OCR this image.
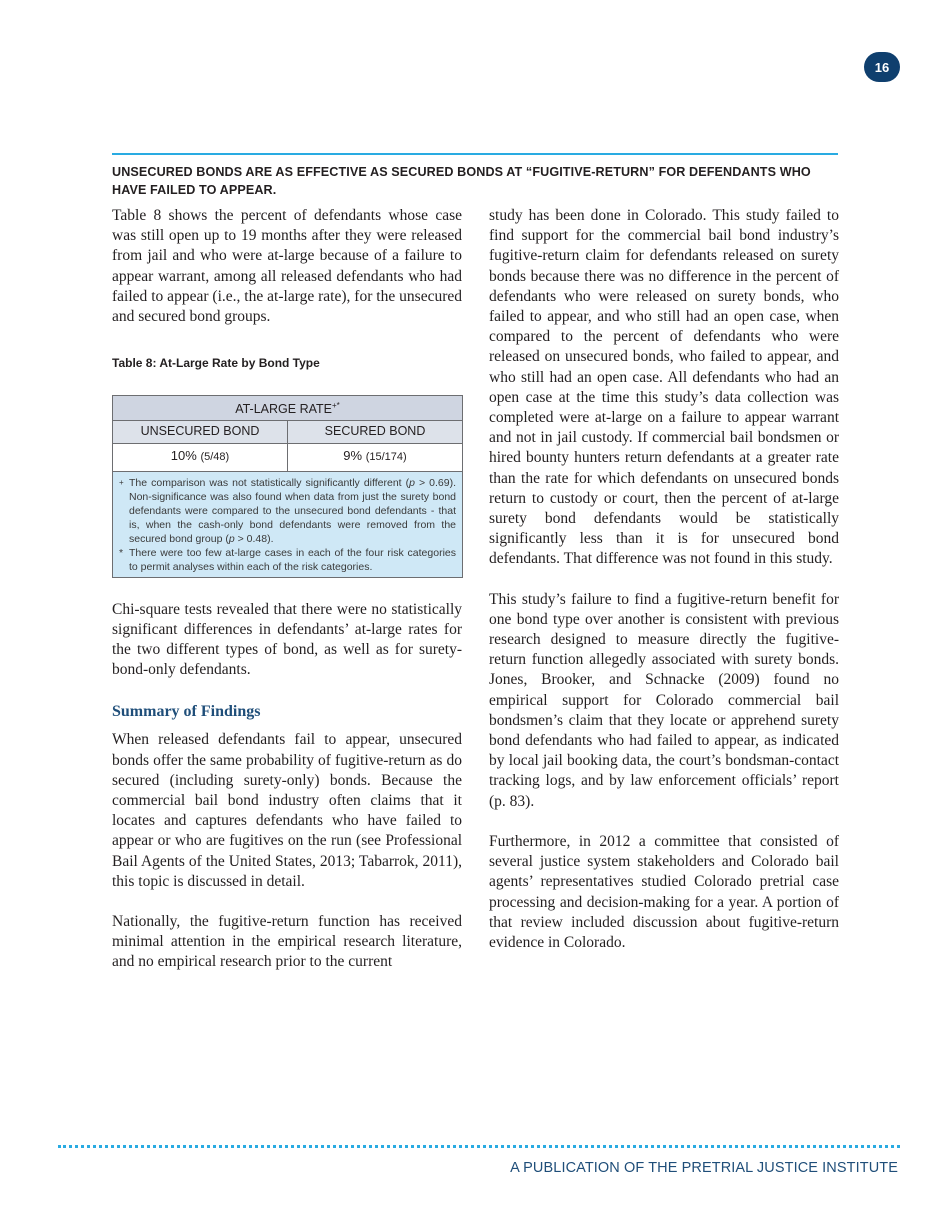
16
UNSECURED BONDS ARE AS EFFECTIVE AS SECURED BONDS AT “FUGITIVE-RETURN” FOR DEFENDANTS WHO HAVE FAILED TO APPEAR.

Table 8 shows the percent of defendants whose case was still open up to 19 months after they were released from jail and who were at-large because of a failure to appear warrant, among all released defendants who had failed to appear (i.e., the at-large rate), for the unsecured and secured bond groups.

Table 8: At-Large Rate by Bond Type
AT-LARGE RATE+*
UNSECURED BOND	SECURED BOND
10% (5/48)	9% (15/174)

+ The comparison was not statistically significantly different (p > 0.69). Non-significance was also found when data from just the surety bond defendants were compared to the unsecured bond defendants - that is, when the cash-only bond defendants were removed from the secured bond group (p > 0.48).
* There were too few at-large cases in each of the four risk categories to permit analyses within each of the risk categories.	

Chi-square tests revealed that there were no statistically significant differences in defendants’ at-large rates for the two different types of bond, as well as for surety-bond-only defendants.

Summary of Findings

When released defendants fail to appear, unsecured bonds offer the same probability of fugitive-return as do secured (including surety-only) bonds. Because the commercial bail bond industry often claims that it locates and captures defendants who have failed to appear or who are fugitives on the run (see Professional Bail Agents of the United States, 2013; Tabarrok, 2011), this topic is discussed in detail.

Nationally, the fugitive-return function has received minimal attention in the empirical research literature, and no empirical research prior to the current

study has been done in Colorado. This study failed to find support for the commercial bail bond industry’s fugitive-return claim for defendants released on surety bonds because there was no difference in the percent of defendants who were released on surety bonds, who failed to appear, and who still had an open case, when compared to the percent of defendants who were released on unsecured bonds, who failed to appear, and who still had an open case. All defendants who had an open case at the time this study’s data collection was completed were at-large on a failure to appear warrant and not in jail custody. If commercial bail bondsmen or hired bounty hunters return defendants at a greater rate than the rate for which defendants on unsecured bonds return to custody or court, then the percent of at-large surety bond defendants would be statistically significantly less than it is for unsecured bond defendants. That difference was not found in this study.

This study’s failure to find a fugitive-return benefit for one bond type over another is consistent with previous research designed to measure directly the fugitive-return function allegedly associated with surety bonds. Jones, Brooker, and Schnacke (2009) found no empirical support for Colorado commercial bail bondsmen’s claim that they locate or apprehend surety bond defendants who had failed to appear, as indicated by local jail booking data, the court’s bondsman-contact tracking logs, and by law enforcement officials’ report (p. 83).

Furthermore, in 2012 a committee that consisted of several justice system stakeholders and Colorado bail agents’ representatives studied Colorado pretrial case processing and decision-making for a year. A portion of that review included discussion about fugitive-return evidence in Colorado.

A PUBLICATION OF THE PRETRIAL JUSTICE INSTITUTE
